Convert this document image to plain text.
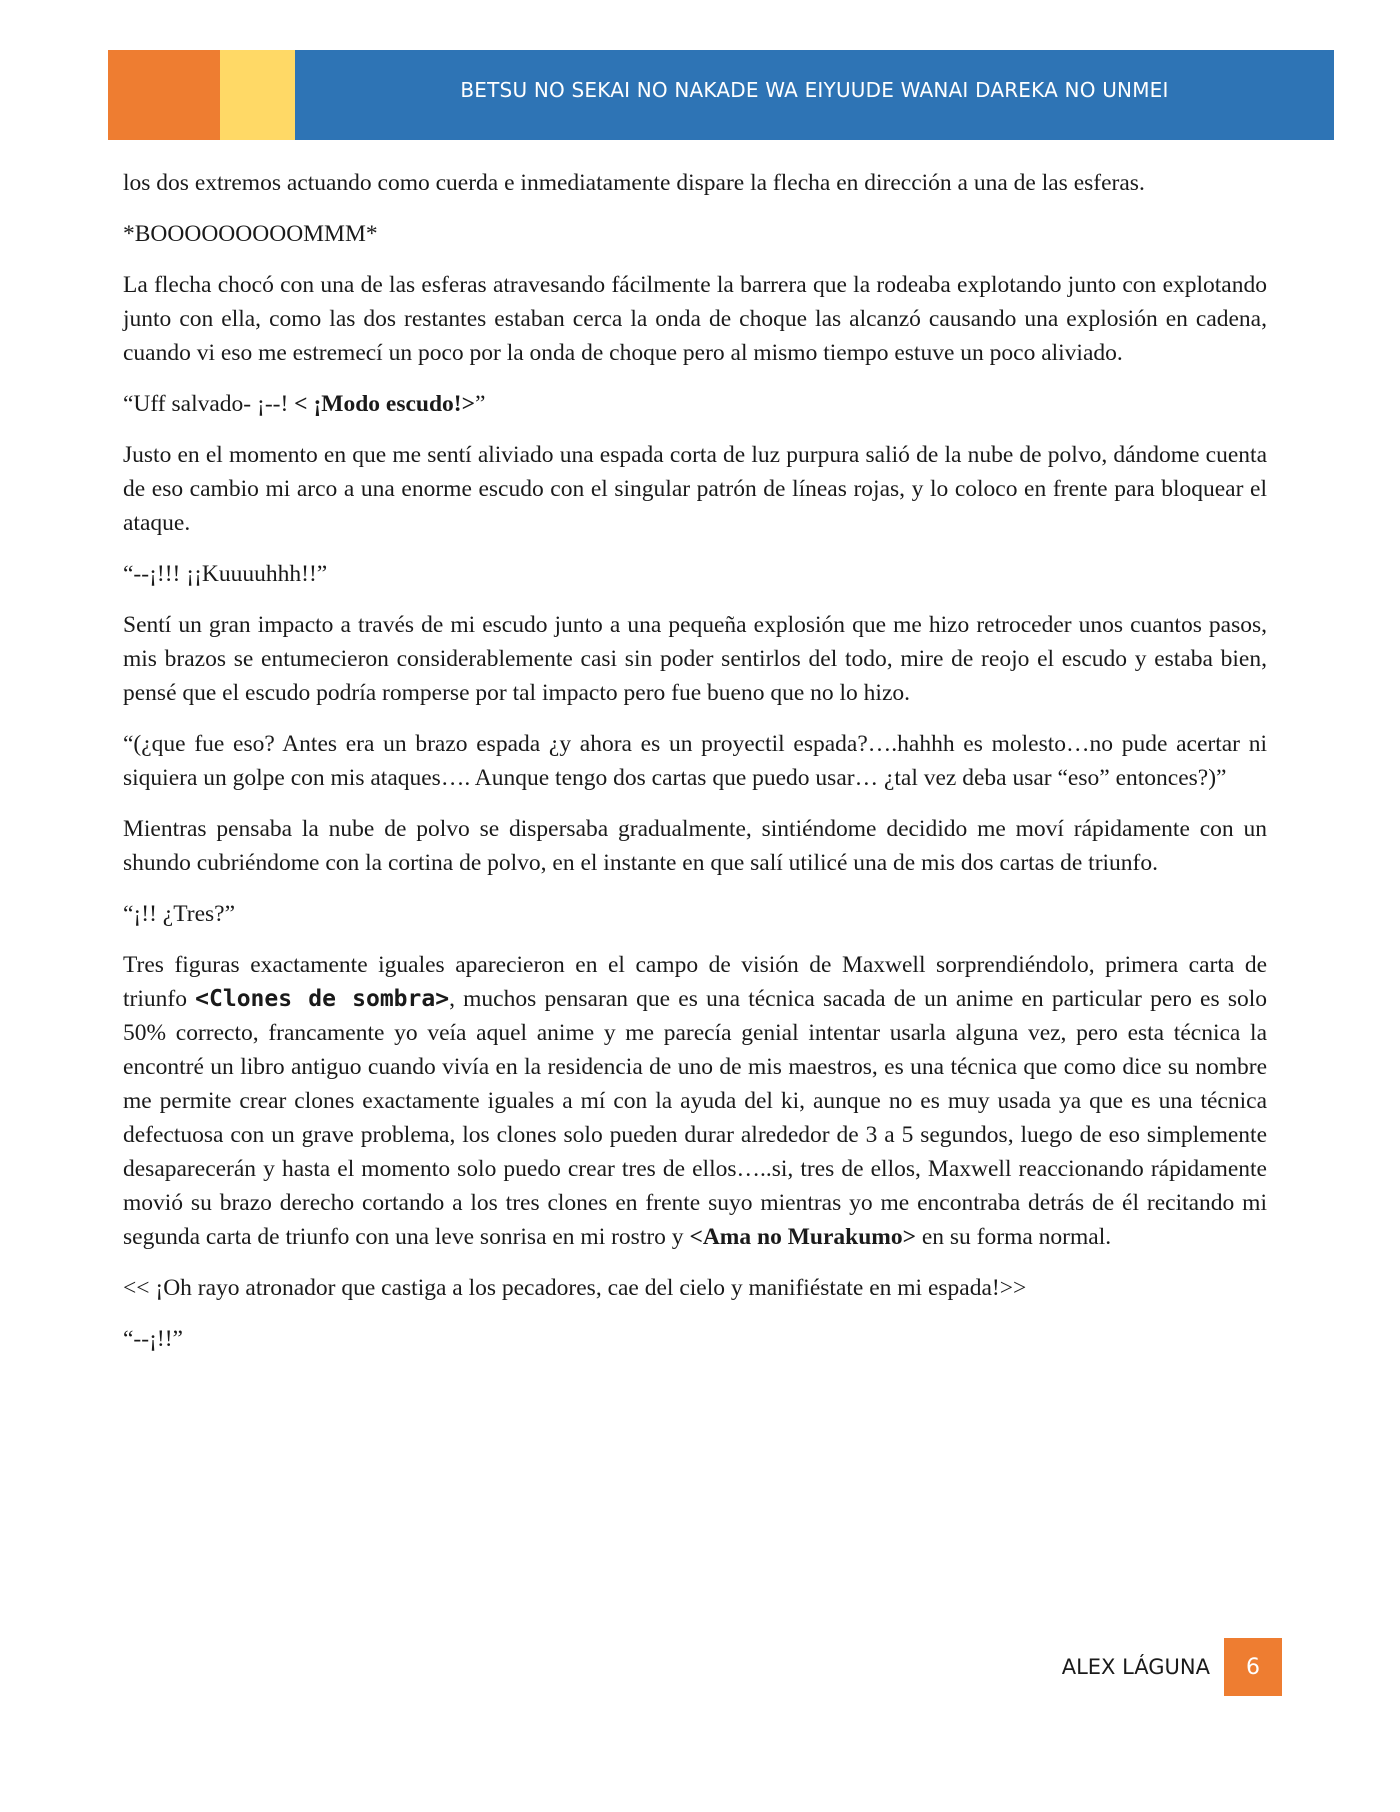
BETSU NO SEKAI NO NAKADE WA EIYUUDE WANAI DAREKA NO UNMEI

los dos extremos actuando como cuerda e inmediatamente dispare la flecha en dirección a una de las esferas.

*BOOOOOOOOOMMM*

La flecha chocó con una de las esferas atravesando fácilmente la barrera que la rodeaba explotando junto con explotando junto con ella, como las dos restantes estaban cerca la onda de choque las alcanzó causando una explosión en cadena, cuando vi eso me estremecí un poco por la onda de choque pero al mismo tiempo estuve un poco aliviado.

“Uff salvado- ¡--! < ¡Modo escudo!>”

Justo en el momento en que me sentí aliviado una espada corta de luz purpura salió de la nube de polvo, dándome cuenta de eso cambio mi arco a una enorme escudo con el singular patrón de líneas rojas, y lo coloco en frente para bloquear el ataque.

“--¡!!! ¡¡Kuuuuhhh!!”

Sentí un gran impacto a través de mi escudo junto a una pequeña explosión que me hizo retroceder unos cuantos pasos, mis brazos se entumecieron considerablemente casi sin poder sentirlos del todo, mire de reojo el escudo y estaba bien, pensé que el escudo podría romperse por tal impacto pero fue bueno que no lo hizo.

“(¿que fue eso? Antes era un brazo espada ¿y ahora es un proyectil espada?….hahhh es molesto…no pude acertar ni siquiera un golpe con mis ataques…. Aunque tengo dos cartas que puedo usar… ¿tal vez deba usar “eso” entonces?)”

Mientras pensaba la nube de polvo se dispersaba gradualmente, sintiéndome decidido me moví rápidamente con un shundo cubriéndome con la cortina de polvo, en el instante en que salí utilicé una de mis dos cartas de triunfo.

“¡!! ¿Tres?”

Tres figuras exactamente iguales aparecieron en el campo de visión de Maxwell sorprendiéndolo, primera carta de triunfo <Clones de sombra>, muchos pensaran que es una técnica sacada de un anime en particular pero es solo 50% correcto, francamente yo veía aquel anime y me parecía genial intentar usarla alguna vez, pero esta técnica la encontré un libro antiguo cuando vivía en la residencia de uno de mis maestros, es una técnica que como dice su nombre me permite crear clones exactamente iguales a mí con la ayuda del ki, aunque no es muy usada ya que es una técnica defectuosa con un grave problema, los clones solo pueden durar alrededor de 3 a 5 segundos, luego de eso simplemente desaparecerán y hasta el momento solo puedo crear tres de ellos…..si, tres de ellos, Maxwell reaccionando rápidamente movió su brazo derecho cortando a los tres clones en frente suyo mientras yo me encontraba detrás de él recitando mi segunda carta de triunfo con una leve sonrisa en mi rostro y <Ama no Murakumo> en su forma normal.

<< ¡Oh rayo atronador que castiga a los pecadores, cae del cielo y manifiéstate en mi espada!>>

“--¡!!”

ALEX LÁGUNA	6
